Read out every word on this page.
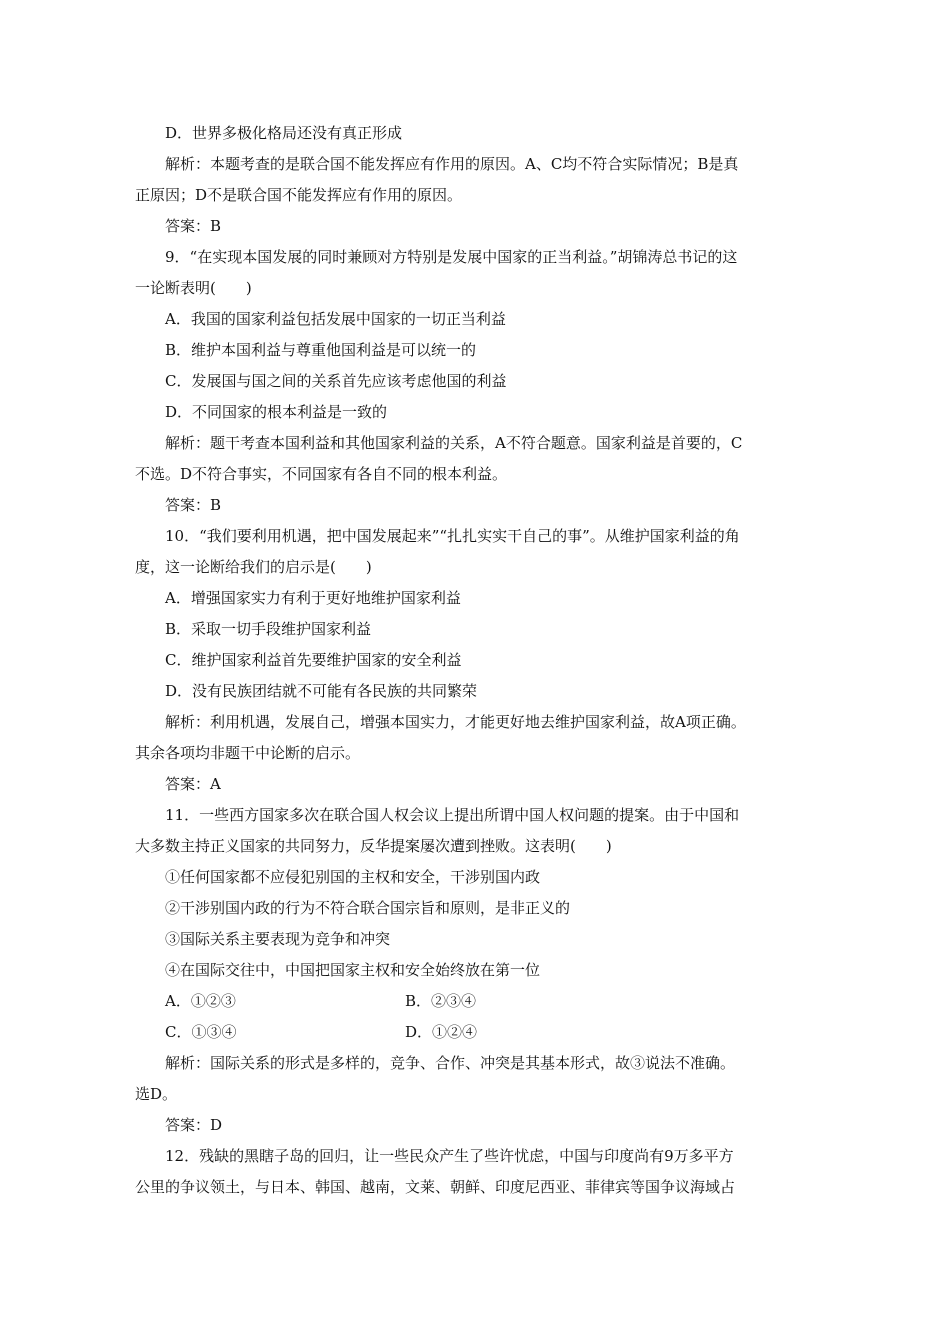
D．世界多极化格局还没有真正形成
解析：本题考查的是联合国不能发挥应有作用的原因。A、C均不符合实际情况；B是真
正原因；D不是联合国不能发挥应有作用的原因。
答案：B
9．“在实现本国发展的同时兼顾对方特别是发展中国家的正当利益。”胡锦涛总书记的这
一论断表明(　　)
A．我国的国家利益包括发展中国家的一切正当利益
B．维护本国利益与尊重他国利益是可以统一的
C．发展国与国之间的关系首先应该考虑他国的利益
D．不同国家的根本利益是一致的
解析：题干考查本国利益和其他国家利益的关系，A不符合题意。国家利益是首要的，C
不选。D不符合事实，不同国家有各自不同的根本利益。
答案：B
10．“我们要利用机遇，把中国发展起来”“扎扎实实干自己的事”。从维护国家利益的角
度，这一论断给我们的启示是(　　)
A．增强国家实力有利于更好地维护国家利益
B．采取一切手段维护国家利益
C．维护国家利益首先要维护国家的安全利益
D．没有民族团结就不可能有各民族的共同繁荣
解析：利用机遇，发展自己，增强本国实力，才能更好地去维护国家利益，故A项正确。
其余各项均非题干中论断的启示。
答案：A
11．一些西方国家多次在联合国人权会议上提出所谓中国人权问题的提案。由于中国和
大多数主持正义国家的共同努力，反华提案屡次遭到挫败。这表明(　　)
①任何国家都不应侵犯别国的主权和安全，干涉别国内政
②干涉别国内政的行为不符合联合国宗旨和原则，是非正义的
③国际关系主要表现为竞争和冲突
④在国际交往中，中国把国家主权和安全始终放在第一位
A．①②③	B．②③④
C．①③④	D．①②④
解析：国际关系的形式是多样的，竞争、合作、冲突是其基本形式，故③说法不准确。
选D。
答案：D
12．残缺的黑瞎子岛的回归，让一些民众产生了些许忧虑，中国与印度尚有9万多平方
公里的争议领土，与日本、韩国、越南，文莱、朝鲜、印度尼西亚、菲律宾等国争议海域占
